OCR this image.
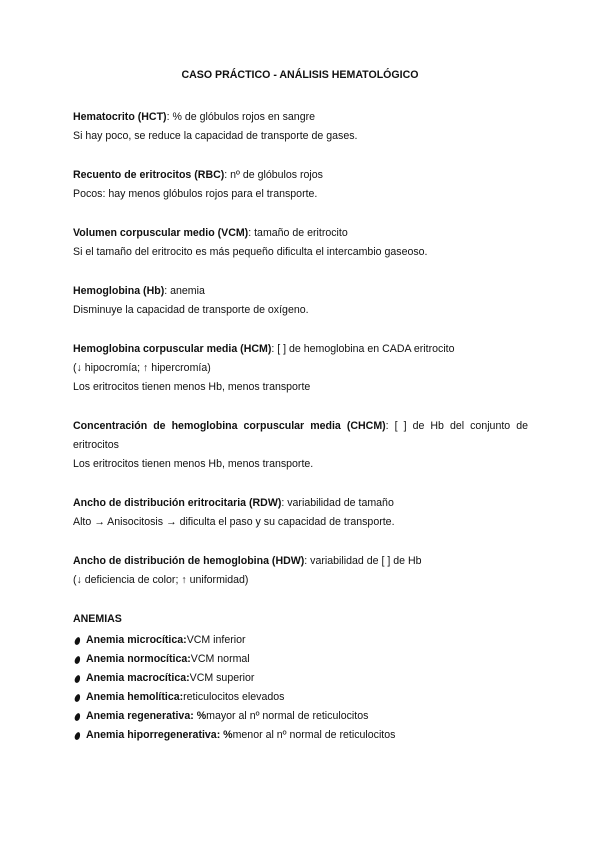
CASO PRÁCTICO - ANÁLISIS HEMATOLÓGICO
Hematocrito (HCT): % de glóbulos rojos en sangre
Si hay poco, se reduce la capacidad de transporte de gases.
Recuento de eritrocitos (RBC): nº de glóbulos rojos
Pocos: hay menos glóbulos rojos para el transporte.
Volumen corpuscular medio (VCM): tamaño de eritrocito
Si el tamaño del eritrocito es más pequeño dificulta el intercambio gaseoso.
Hemoglobina (Hb): anemia
Disminuye la capacidad de transporte de oxígeno.
Hemoglobina corpuscular media (HCM): [ ] de hemoglobina en CADA eritrocito
(↓ hipocromía; ↑ hipercromía)
Los eritrocitos tienen menos Hb, menos transporte
Concentración de hemoglobina corpuscular media (CHCM): [ ] de Hb del conjunto de
eritrocitos
Los eritrocitos tienen menos Hb, menos transporte.
Ancho de distribución eritrocitaria (RDW): variabilidad de tamaño
Alto → Anisocitosis → dificulta el paso y su capacidad de transporte.
Ancho de distribución de hemoglobina (HDW): variabilidad de [ ] de Hb
(↓ deficiencia de color; ↑ uniformidad)
ANEMIAS
Anemia microcítica: VCM inferior
Anemia normocítica: VCM normal
Anemia macrocítica: VCM superior
Anemia hemolítica: reticulocitos elevados
Anemia regenerativa: % mayor al nº normal de reticulocitos
Anemia hiporregenerativa: % menor al nº normal de reticulocitos
